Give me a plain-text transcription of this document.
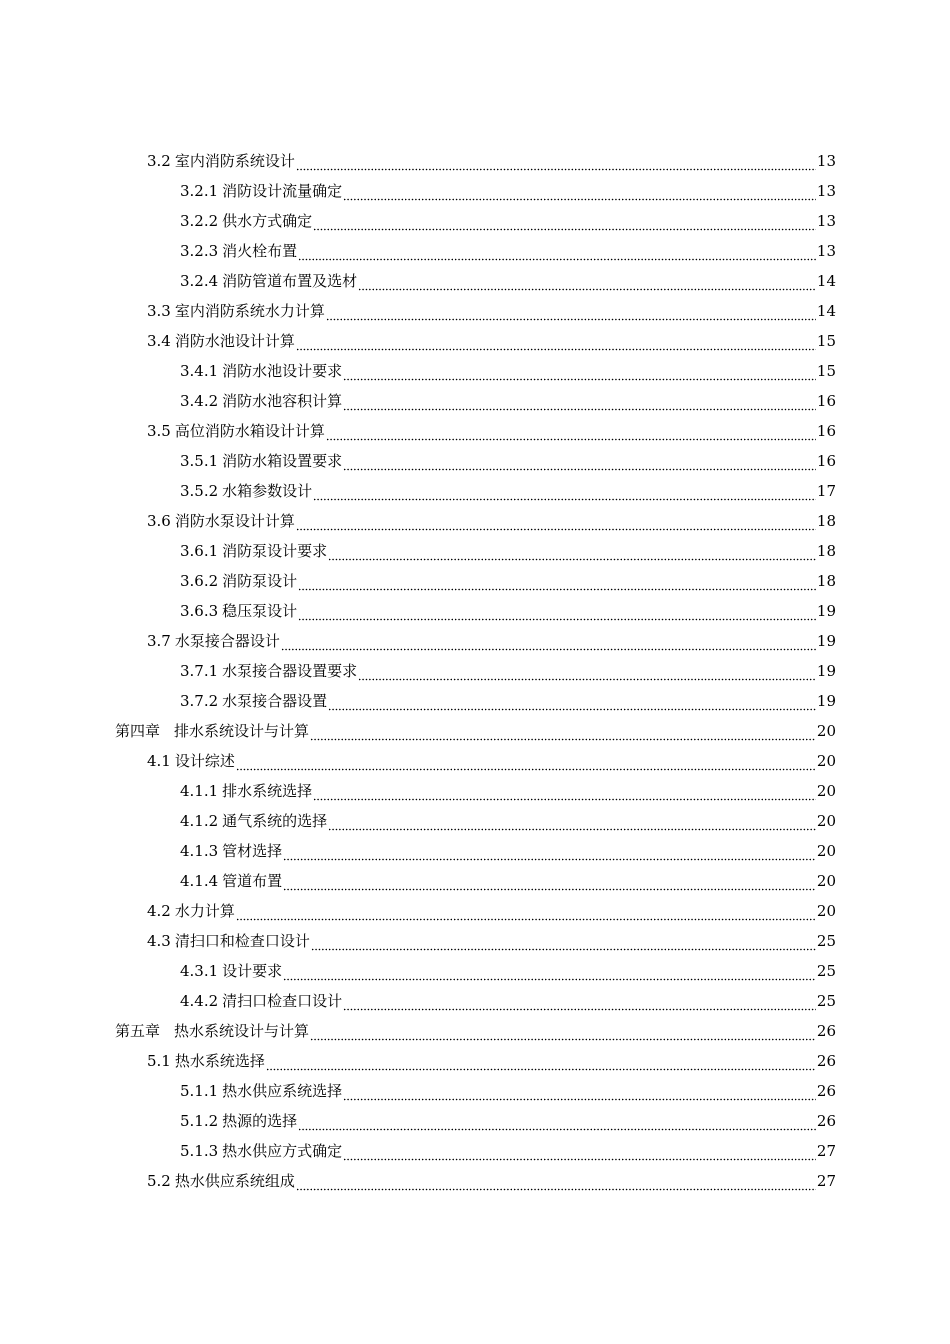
3.2 室内消防系统设计	13
3.2.1 消防设计流量确定	13
3.2.2 供水方式确定	13
3.2.3 消火栓布置	13
3.2.4 消防管道布置及选材	14
3.3 室内消防系统水力计算	14
3.4 消防水池设计计算	15
3.4.1 消防水池设计要求	15
3.4.2 消防水池容积计算	16
3.5 高位消防水箱设计计算	16
3.5.1 消防水箱设置要求	16
3.5.2 水箱参数设计	17
3.6 消防水泵设计计算	18
3.6.1 消防泵设计要求	18
3.6.2 消防泵设计	18
3.6.3 稳压泵设计	19
3.7 水泵接合器设计	19
3.7.1 水泵接合器设置要求	19
3.7.2 水泵接合器设置	19
第四章 排水系统设计与计算	20
4.1 设计综述	20
4.1.1 排水系统选择	20
4.1.2 通气系统的选择	20
4.1.3 管材选择	20
4.1.4 管道布置	20
4.2 水力计算	20
4.3 清扫口和检查口设计	25
4.3.1 设计要求	25
4.4.2 清扫口检查口设计	25
第五章 热水系统设计与计算	26
5.1 热水系统选择	26
5.1.1 热水供应系统选择	26
5.1.2 热源的选择	26
5.1.3 热水供应方式确定	27
5.2 热水供应系统组成	27
